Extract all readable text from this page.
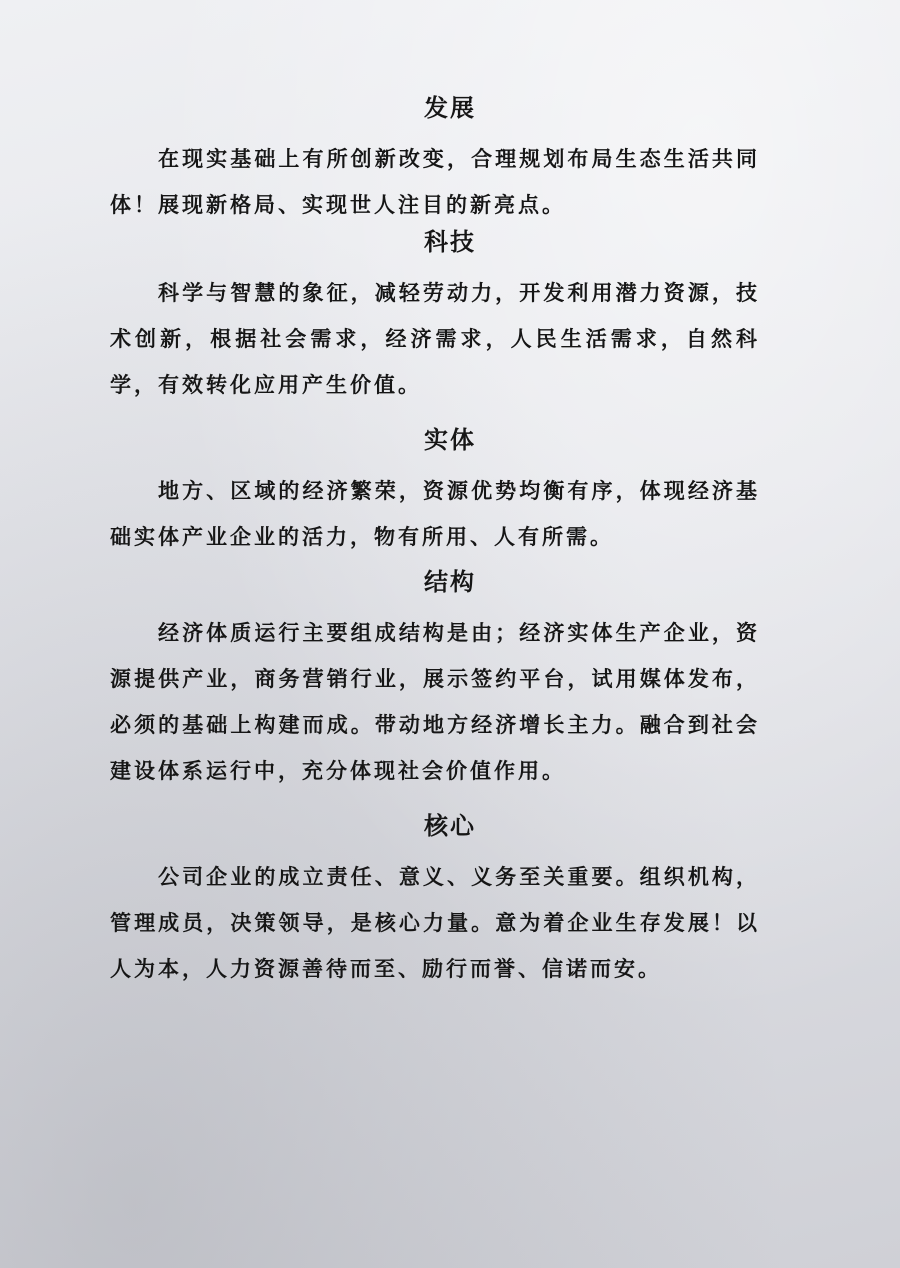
发展

在现实基础上有所创新改变，合理规划布局生态生活共同体！展现新格局、实现世人注目的新亮点。

科技

科学与智慧的象征，减轻劳动力，开发利用潜力资源，技术创新，根据社会需求，经济需求，人民生活需求，自然科学，有效转化应用产生价值。

实体

地方、区域的经济繁荣，资源优势均衡有序，体现经济基础实体产业企业的活力，物有所用、人有所需。

结构

经济体质运行主要组成结构是由；经济实体生产企业，资源提供产业，商务营销行业，展示签约平台，试用媒体发布，必须的基础上构建而成。带动地方经济增长主力。融合到社会建设体系运行中，充分体现社会价值作用。

核心

公司企业的成立责任、意义、义务至关重要。组织机构，管理成员，决策领导，是核心力量。意为着企业生存发展！以人为本，人力资源善待而至、励行而誉、信诺而安。
